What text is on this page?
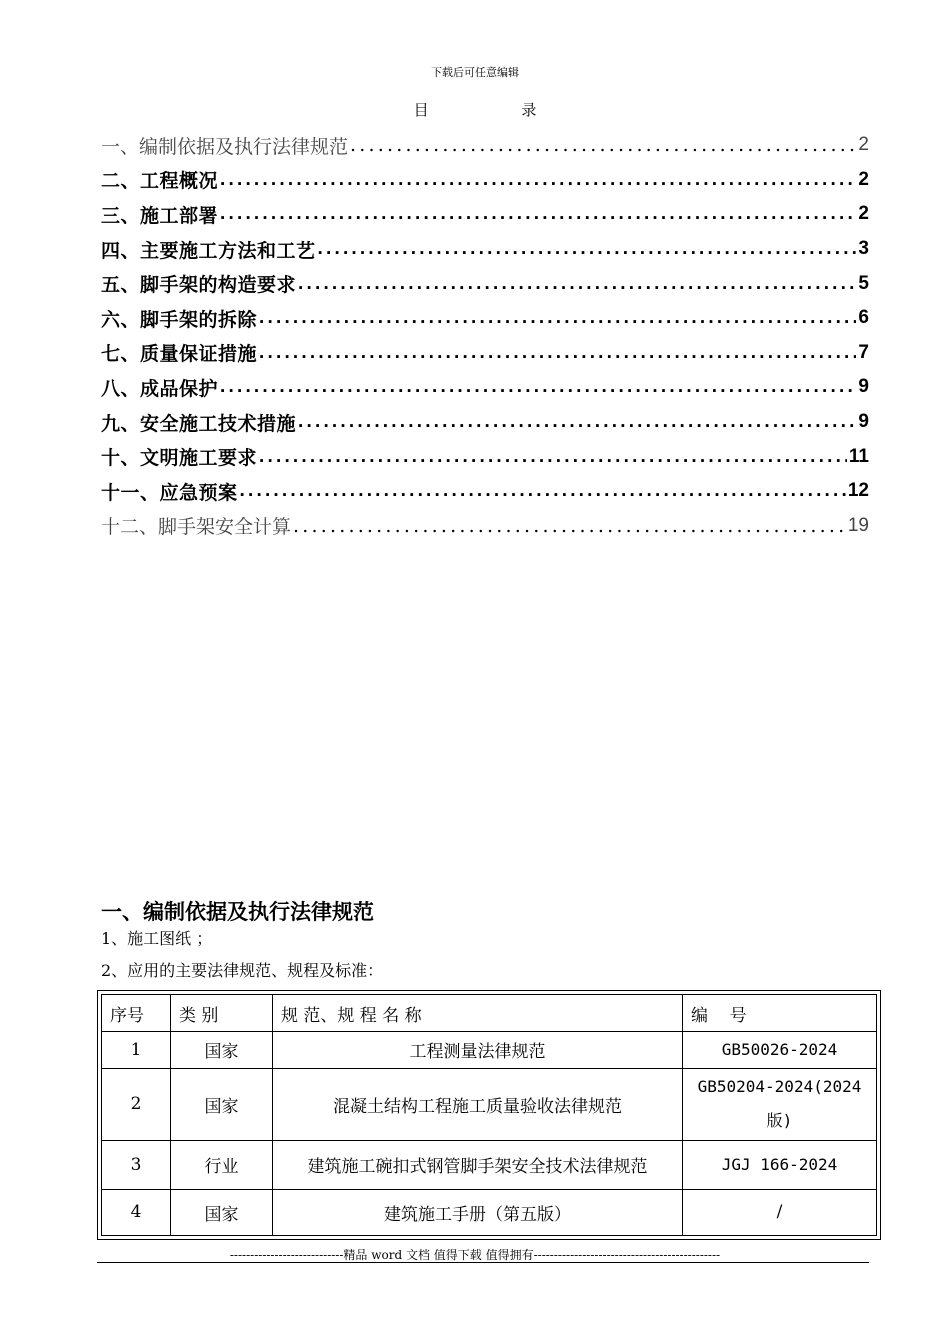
下载后可任意编辑
目 录
一、编制依据及执行法律规范 .....	2
二、工程概况 .....	2
三、施工部署 .....	2
四、主要施工方法和工艺 .....	3
五、脚手架的构造要求 .....	5
六、脚手架的拆除 .....	6
七、质量保证措施 .....	7
八、成品保护 .....	9
九、安全施工技术措施 .....	9
十、文明施工要求 .....	11
十一、应急预案 .....	12
十二、脚手架安全计算 .....	19
一、编制依据及执行法律规范
1、施工图纸 ；
2、应用的主要法律规范、规程及标准：
序号	类 别	规 范、规 程 名 称	编    号
1	国家	工程测量法律规范	GB50026-2024
2	国家	混凝土结构工程施工质量验收法律规范	GB50204-2024(2024版)
3	行业	建筑施工碗扣式钢管脚手架安全技术法律规范	JGJ 166-2024
4	国家	建筑施工手册（第五版）	/
----------------------------精品 word 文档 值得下载 值得拥有----------------------------------------------
